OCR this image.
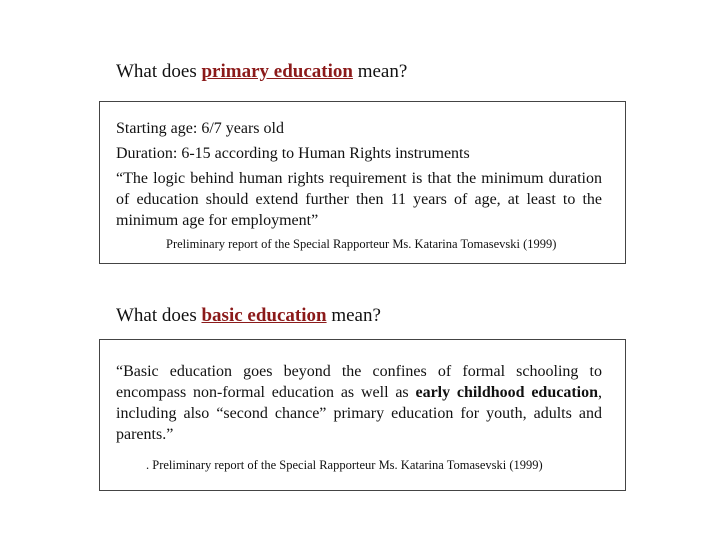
What does primary education mean?
Starting age: 6/7 years old
Duration: 6-15 according to Human Rights instruments
“The logic behind human rights requirement is that the minimum duration of education should extend further then 11 years of age, at least to the minimum age for employment”
Preliminary report of the Special Rapporteur Ms. Katarina Tomasevski (1999)
What does basic education mean?
“Basic education goes beyond the confines of formal schooling to encompass non-formal education as well as early childhood education, including also “second chance” primary education for youth, adults and parents.”
. Preliminary report of the Special Rapporteur Ms. Katarina Tomasevski (1999)
